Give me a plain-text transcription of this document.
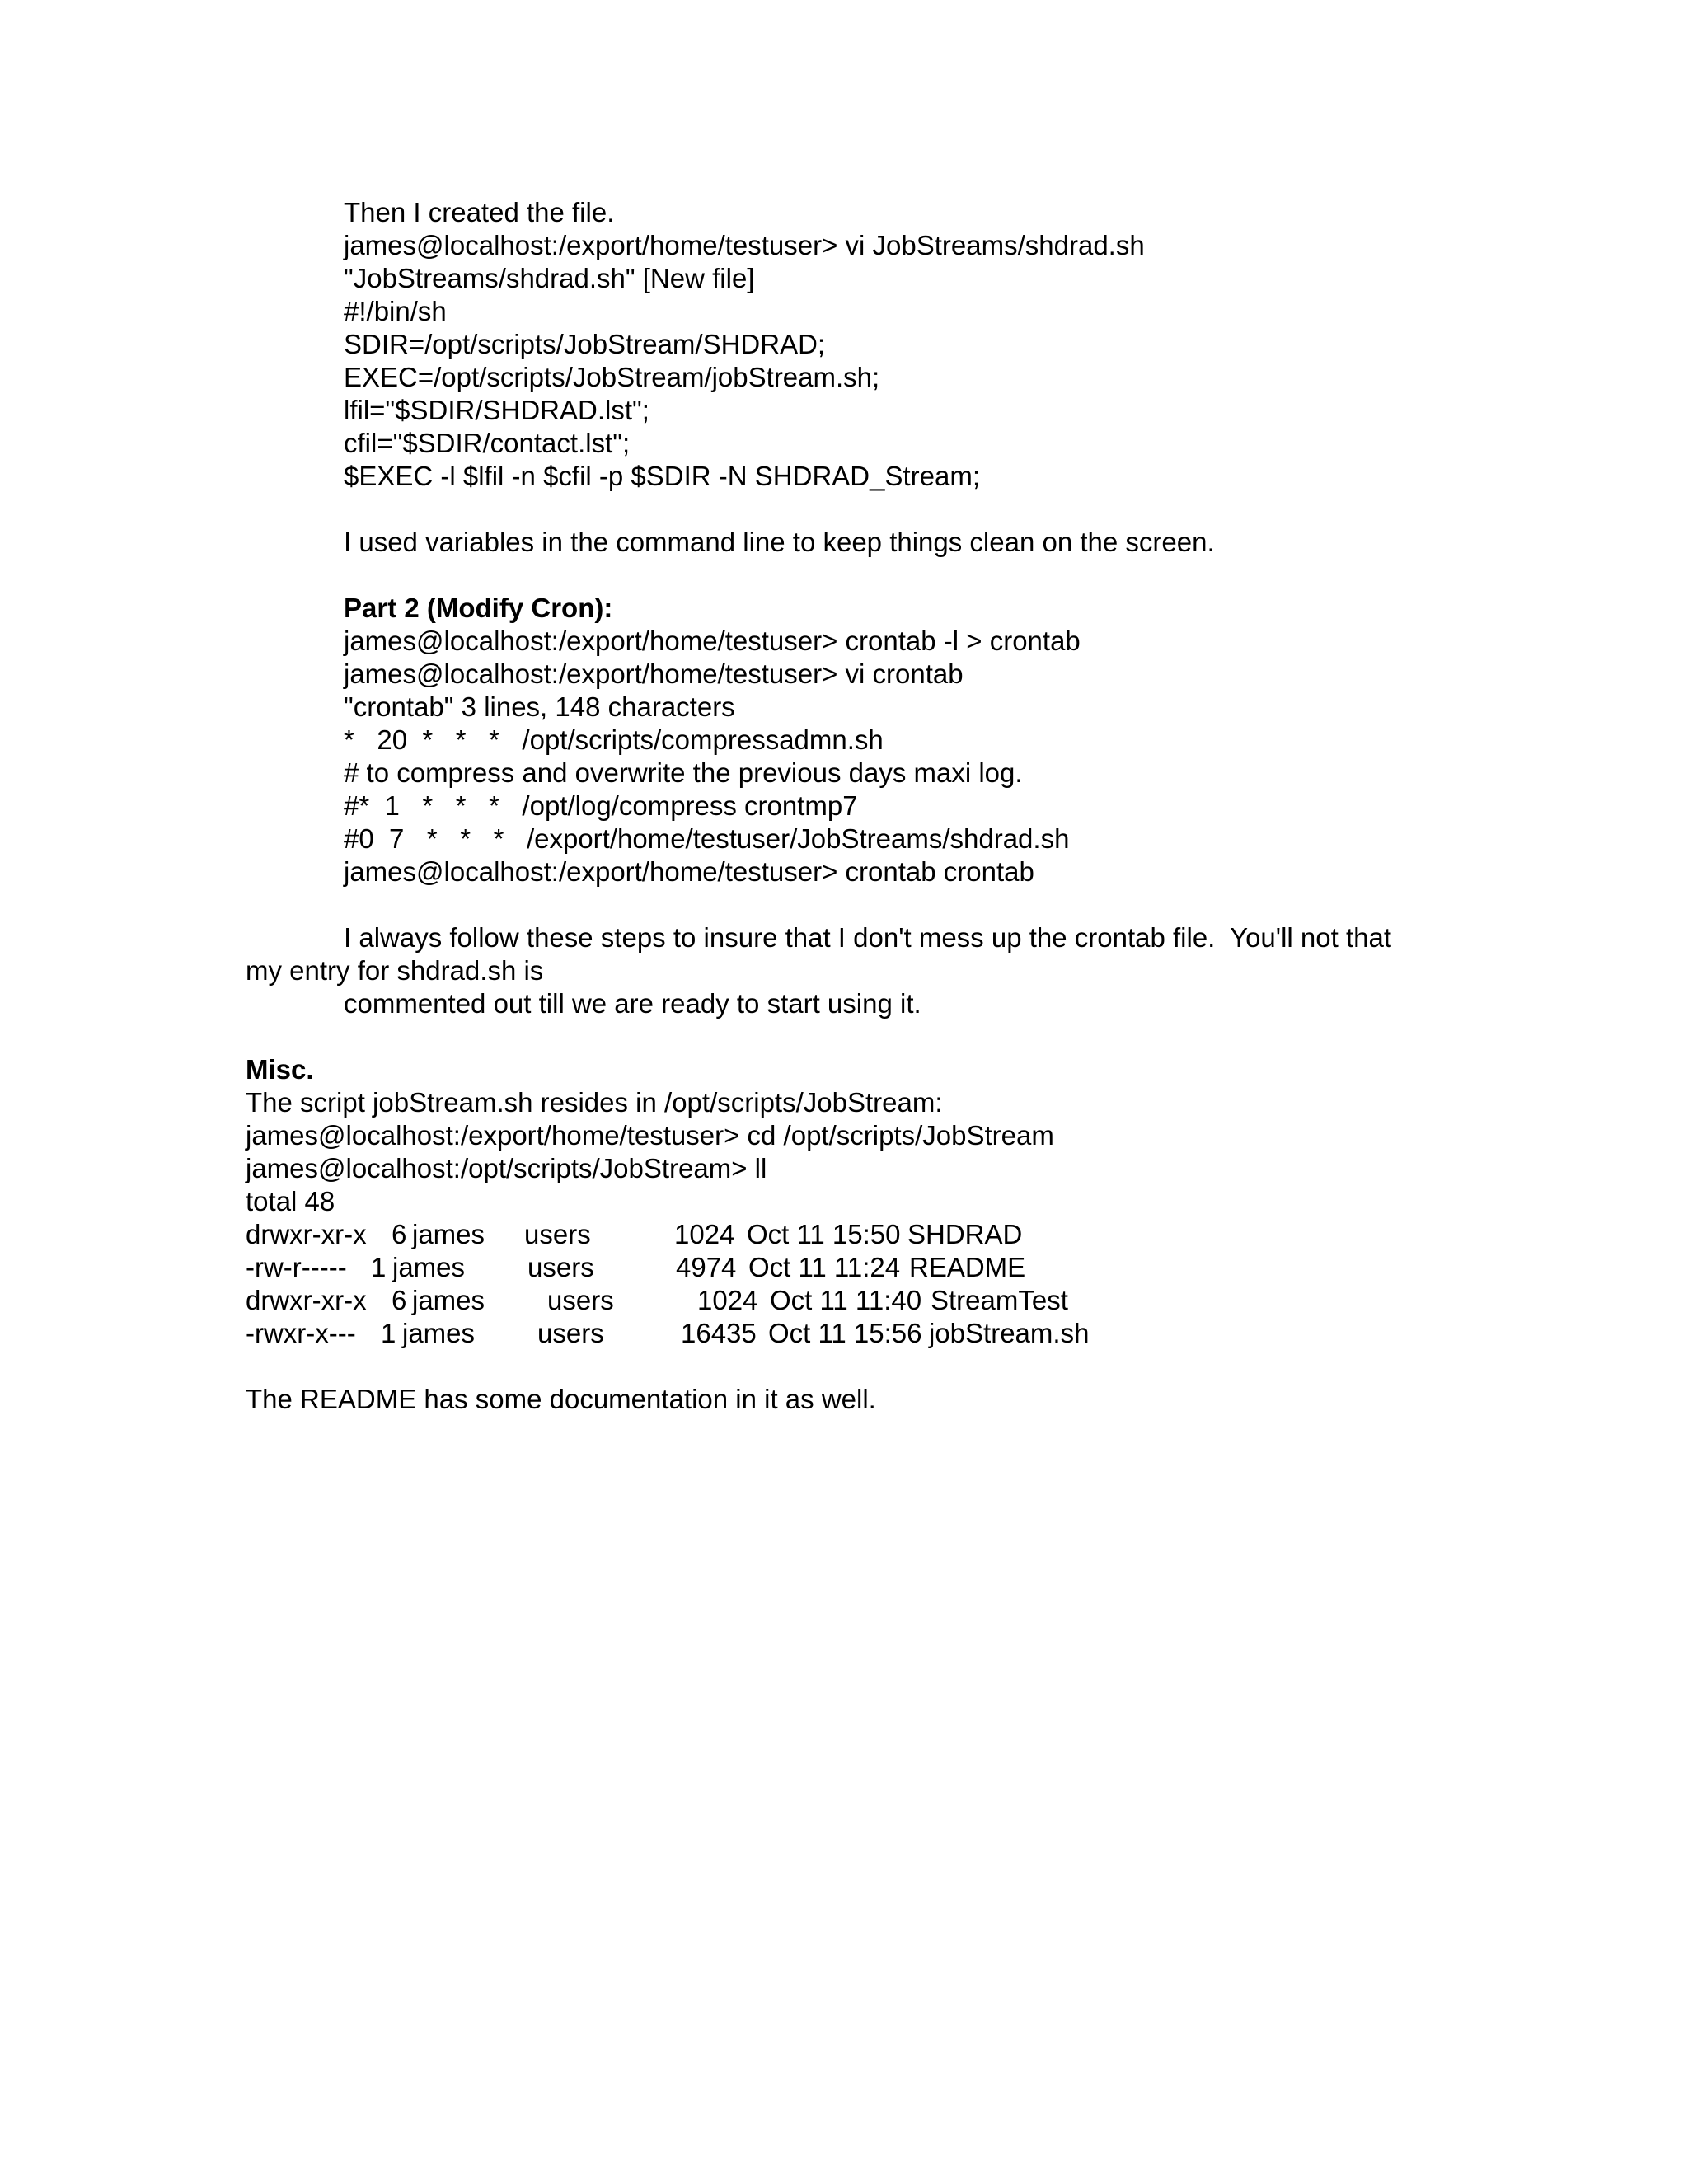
Then I created the file.
james@localhost:/export/home/testuser> vi JobStreams/shdrad.sh
"JobStreams/shdrad.sh" [New file]
#!/bin/sh
SDIR=/opt/scripts/JobStream/SHDRAD;
EXEC=/opt/scripts/JobStream/jobStream.sh;
lfil="$SDIR/SHDRAD.lst";
cfil="$SDIR/contact.lst";
$EXEC -l $lfil -n $cfil -p $SDIR -N SHDRAD_Stream;
I used variables in the command line to keep things clean on the screen.
Part 2 (Modify Cron):
james@localhost:/export/home/testuser> crontab -l > crontab
james@localhost:/export/home/testuser> vi crontab
"crontab" 3 lines, 148 characters
*   20  *   *   *   /opt/scripts/compressadmn.sh
# to compress and overwrite the previous days maxi log.
#*  1   *   *   *   /opt/log/compress crontmp7
#0  7   *   *   *   /export/home/testuser/JobStreams/shdrad.sh
james@localhost:/export/home/testuser> crontab crontab
I always follow these steps to insure that I don't mess up the crontab file.  You'll not that
my entry for shdrad.sh is
commented out till we are ready to start using it.
Misc.
The script jobStream.sh resides in /opt/scripts/JobStream:
james@localhost:/export/home/testuser> cd /opt/scripts/JobStream
james@localhost:/opt/scripts/JobStream> ll
total 48
drwxr-xr-x 6 james users	1024 Oct 11 15:50 SHDRAD
-rw-r----- 1 james users	4974 Oct 11 11:24 README
drwxr-xr-x 6 james users	1024 Oct 11 11:40 StreamTest
-rwxr-x--- 1 james users	16435 Oct 11 15:56 jobStream.sh
The README has some documentation in it as well.
